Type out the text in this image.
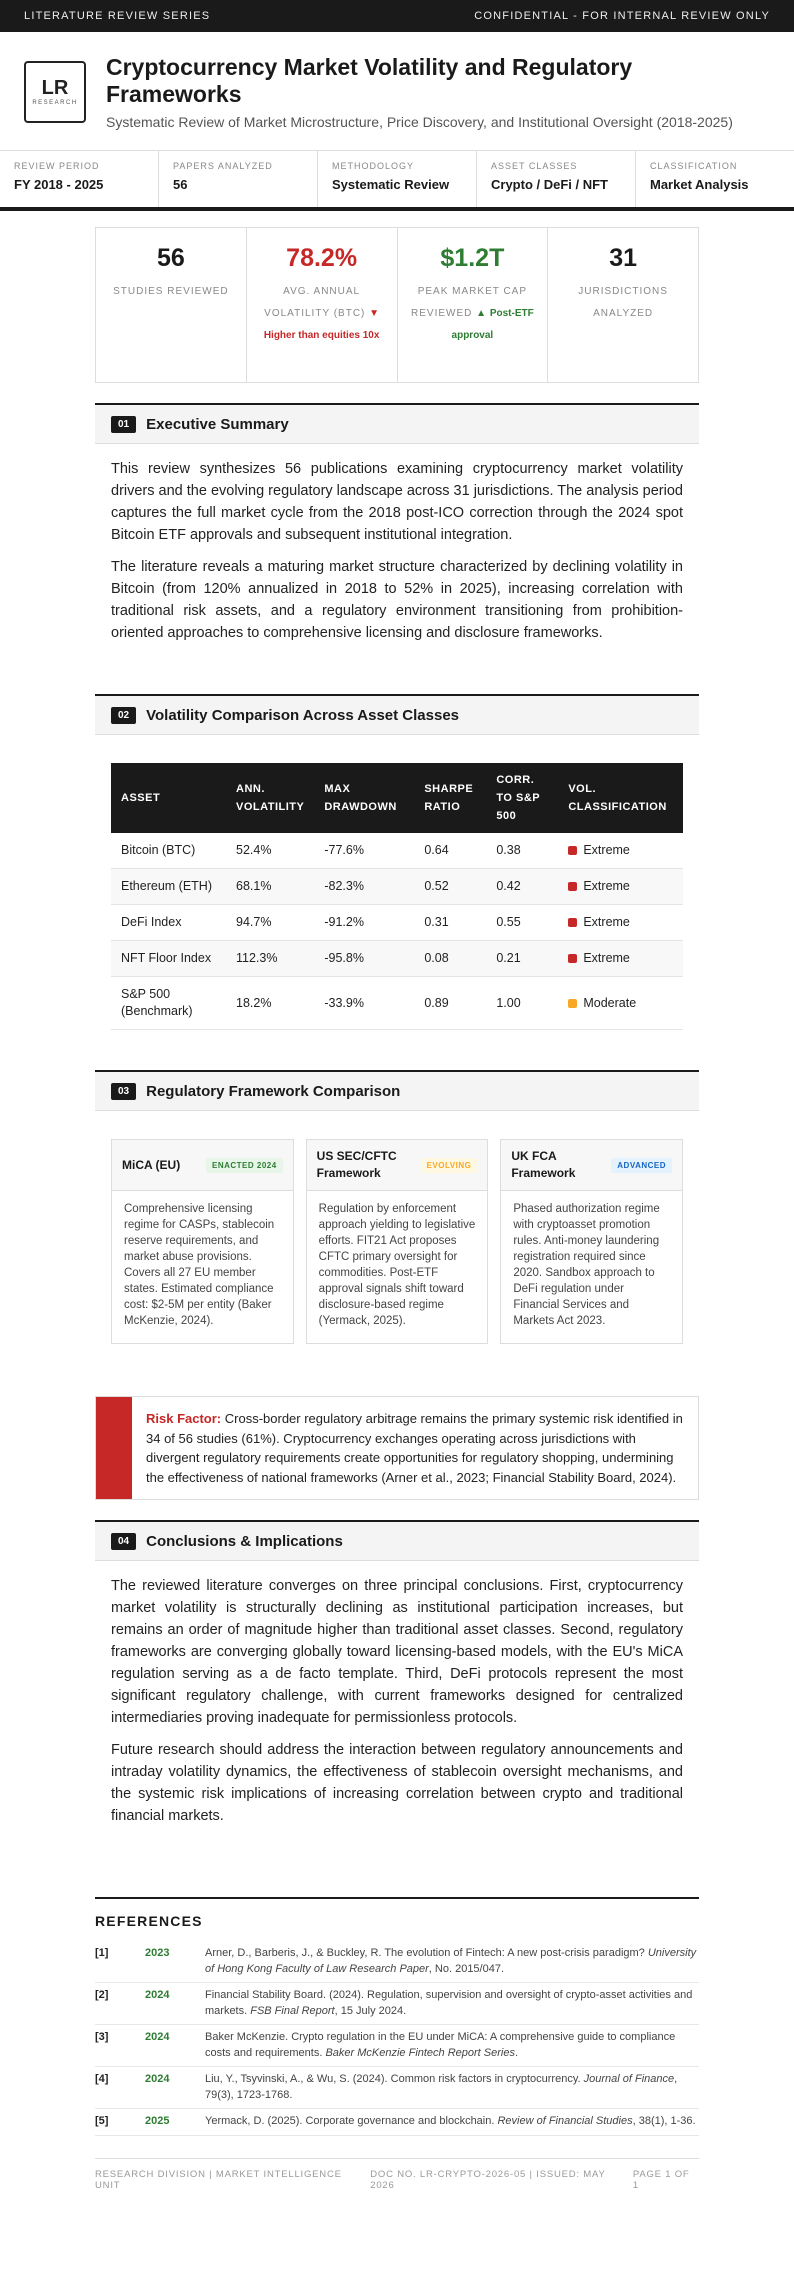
LITERATURE REVIEW SERIES	CONFIDENTIAL - FOR INTERNAL REVIEW ONLY
LR
RESEARCH
Cryptocurrency Market Volatility and Regulatory Frameworks
Systematic Review of Market Microstructure, Price Discovery, and Institutional Oversight (2018-2025)
REVIEW PERIOD
FY 2018 - 2025
PAPERS ANALYZED
56
METHODOLOGY
Systematic Review
ASSET CLASSES
Crypto / DeFi / NFT
CLASSIFICATION
Market Analysis
56
STUDIES REVIEWED
78.2%
AVG. ANNUAL VOLATILITY (BTC) ▼ Higher than equities 10x
$1.2T
PEAK MARKET CAP REVIEWED ▲ Post-ETF approval
31
JURISDICTIONS ANALYZED
01	Executive Summary

This review synthesizes 56 publications examining cryptocurrency market volatility drivers and the evolving regulatory landscape across 31 jurisdictions. The analysis period captures the full market cycle from the 2018 post-ICO correction through the 2024 spot Bitcoin ETF approvals and subsequent institutional integration.

The literature reveals a maturing market structure characterized by declining volatility in Bitcoin (from 120% annualized in 2018 to 52% in 2025), increasing correlation with traditional risk assets, and a regulatory environment transitioning from prohibition-oriented approaches to comprehensive licensing and disclosure frameworks.

02	Volatility Comparison Across Asset Classes
ASSET	ANN. VOLATILITY	MAX DRAWDOWN	SHARPE RATIO	CORR. TO S&P 500	VOL. CLASSIFICATION
Bitcoin (BTC)	52.4%	-77.6%	0.64	0.38	Extreme
Ethereum (ETH)	68.1%	-82.3%	0.52	0.42	Extreme
DeFi Index	94.7%	-91.2%	0.31	0.55	Extreme
NFT Floor Index	112.3%	-95.8%	0.08	0.21	Extreme
S&P 500 (Benchmark)	18.2%	-33.9%	0.89	1.00	Moderate
03	Regulatory Framework Comparison
MiCA (EU)	ENACTED 2024
Comprehensive licensing regime for CASPs, stablecoin reserve requirements, and market abuse provisions. Covers all 27 EU member states. Estimated compliance cost: $2-5M per entity (Baker McKenzie, 2024).
US SEC/CFTC Framework
EVOLVING
Regulation by enforcement approach yielding to legislative efforts. FIT21 Act proposes CFTC primary oversight for commodities. Post-ETF approval signals shift toward disclosure-based regime (Yermack, 2025).
UK FCA Framework
ADVANCED
Phased authorization regime with cryptoasset promotion rules. Anti-money laundering registration required since 2020. Sandbox approach to DeFi regulation under Financial Services and Markets Act 2023.
Risk Factor: Cross-border regulatory arbitrage remains the primary systemic risk identified in 34 of 56 studies (61%). Cryptocurrency exchanges operating across jurisdictions with divergent regulatory requirements create opportunities for regulatory shopping, undermining the effectiveness of national frameworks (Arner et al., 2023; Financial Stability Board, 2024).
04	Conclusions & Implications

The reviewed literature converges on three principal conclusions. First, cryptocurrency market volatility is structurally declining as institutional participation increases, but remains an order of magnitude higher than traditional asset classes. Second, regulatory frameworks are converging globally toward licensing-based models, with the EU's MiCA regulation serving as a de facto template. Third, DeFi protocols represent the most significant regulatory challenge, with current frameworks designed for centralized intermediaries proving inadequate for permissionless protocols.

Future research should address the interaction between regulatory announcements and intraday volatility dynamics, the effectiveness of stablecoin oversight mechanisms, and the systemic risk implications of increasing correlation between crypto and traditional financial markets.

REFERENCES
[1]	2023	Arner, D., Barberis, J., & Buckley, R. The evolution of Fintech: A new post-crisis paradigm? University of Hong Kong Faculty of Law Research Paper, No. 2015/047.
[2]	2024	Financial Stability Board. (2024). Regulation, supervision and oversight of crypto-asset activities and markets. FSB Final Report, 15 July 2024.
[3]	2024	Baker McKenzie. Crypto regulation in the EU under MiCA: A comprehensive guide to compliance costs and requirements. Baker McKenzie Fintech Report Series.
[4]	2024	Liu, Y., Tsyvinski, A., & Wu, S. (2024). Common risk factors in cryptocurrency. Journal of Finance, 79(3), 1723-1768.
[5]	2025	Yermack, D. (2025). Corporate governance and blockchain. Review of Financial Studies, 38(1), 1-36.
RESEARCH DIVISION | MARKET INTELLIGENCE UNIT
DOC NO. LR-CRYPTO-2026-05 | ISSUED: MAY 2026
PAGE 1 OF 1
